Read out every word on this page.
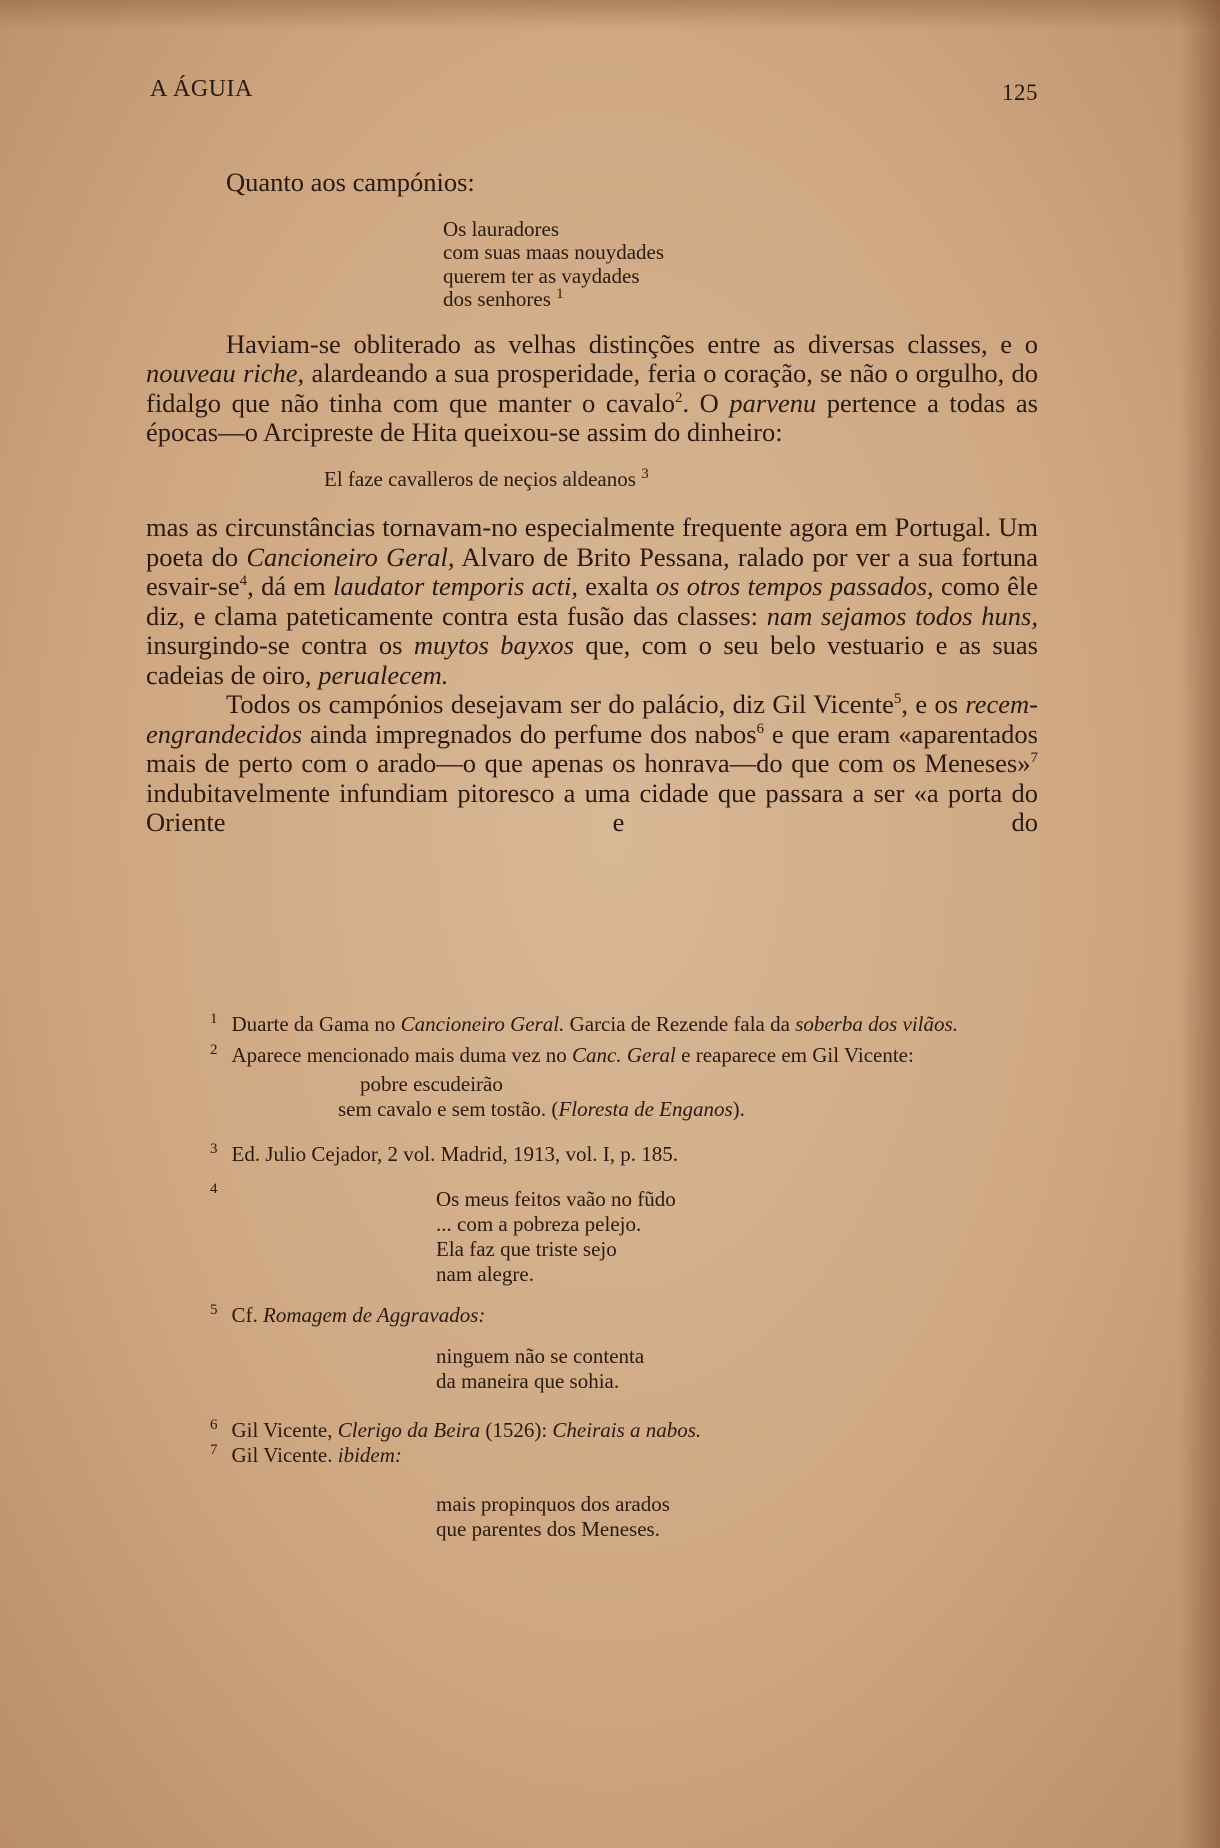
A ÁGUIA	125

Quanto aos campónios:

Os lauradores
com suas maas nouydades
querem ter as vaydades
dos senhores $^1$

Haviam-se obliterado as velhas distinções entre as diversas classes, e o nouveau riche, alardeando a sua prosperidade, feria o coração, se não o orgulho, do fidalgo que não tinha com que manter o cavalo$^2$. O parvenu pertence a todas as épocas—o Arcipreste de Hita queixou-se assim do dinheiro:

El faze cavalleros de neçios aldeanos $^3$

mas as circunstâncias tornavam-no especialmente frequente agora em Portugal. Um poeta do Cancioneiro Geral, Alvaro de Brito Pessana, ralado por ver a sua fortuna esvair-$se^4$, dá em laudator temporis acti, exalta os otros tempos passados, como êle diz, e clama pateticamente contra esta fusão das classes: nam sejamos todos huns, insurgindo-se contra os muytos bayxos que, com o seu belo vestuario e as suas cadeias de oiro, perualecem.

Todos os campónios desejavam ser do palácio, diz Gil Vicente$^5$, e os recem-engrandecidos ainda impregnados do perfume dos nabos$^6$ e que eram «aparentados mais de perto com o arado—o que apenas os honrava—do que com os Meneses»$^7$ indubitavelmente infundiam pitoresco a uma cidade que passara a ser «a porta do Oriente e do

$^1$ Duarte da Gama no Cancioneiro Geral. Garcia de Rezende fala da soberba dos vilãos.

$^2$ Aparece mencionado mais duma vez no Canc. Geral e reaparece em Gil Vicente:

pobre escudeirão
sem cavalo e sem tostão. (Floresta de Enganos).

$^3$ Ed. Julio Cejador, 2 vol. Madrid, 1913, vol. I, p. 185.

4	Os meus feitos vaão no fũdo
... com a pobreza pelejo.
Ela faz que triste sejo
nam alegre.

$^5$ Cf. Romagem de Aggravados:

ninguem não se contenta
da maneira que sohia.

$^6$ Gil Vicente, Clerigo da Beira (1526): Cheirais a nabos.

$^7$ Gil Vicente. ibidem:

mais propinquos dos arados
que parentes dos Meneses.
